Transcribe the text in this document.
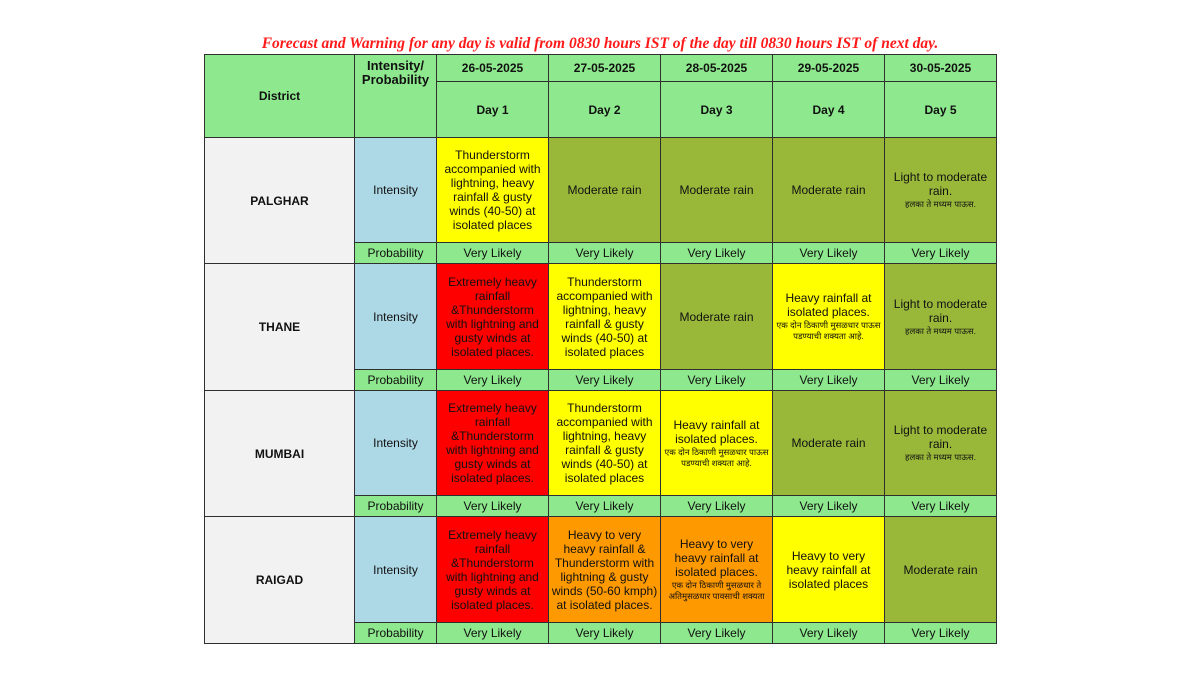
Forecast and Warning for any day is valid from 0830 hours IST of the day till 0830 hours IST of next day.
District	Intensity/ Probability	26-05-2025	27-05-2025	28-05-2025	29-05-2025	30-05-2025
		Day 1	Day 2	Day 3	Day 4	Day 5
PALGHAR	Intensity	Thunderstorm accompanied with lightning, heavy rainfall & gusty winds (40-50) at isolated places	Moderate rain	Moderate rain	Moderate rain	Light to moderate rain.
हलका ते मध्यम पाऊस.

	Probability	Very Likely	Very Likely	Very Likely	Very Likely	Very Likely
THANE	Intensity	Extremely heavy rainfall &Thunderstorm with lightning and gusty winds at isolated places.	Thunderstorm accompanied with lightning, heavy rainfall & gusty winds (40-50) at isolated places	Moderate rain	Heavy rainfall at isolated places.
एक दोन ठिकाणी मुसळधार पाऊस पडण्याची शक्यता आहे.	Light to moderate rain.
हलका ते मध्यम पाऊस.

	Probability	Very Likely	Very Likely	Very Likely	Very Likely	Very Likely
MUMBAI	Intensity	Extremely heavy rainfall &Thunderstorm with lightning and gusty winds at isolated places.	Thunderstorm accompanied with lightning, heavy rainfall & gusty winds (40-50) at isolated places	Heavy rainfall at isolated places.
एक दोन ठिकाणी मुसळधार पाऊस पडण्याची शक्यता आहे.	Moderate rain	Light to moderate rain.
हलका ते मध्यम पाऊस.

	Probability	Very Likely	Very Likely	Very Likely	Very Likely	Very Likely
RAIGAD	Intensity	Extremely heavy rainfall &Thunderstorm with lightning and gusty winds at isolated places.	Heavy to very heavy rainfall & Thunderstorm with lightning & gusty winds (50-60 kmph) at isolated places.	Heavy to very heavy rainfall at isolated places.
एक दोन ठिकाणी मुसळधार ते अतिमुसळधार पावसाची शक्यता	Heavy to very heavy rainfall at isolated places	Moderate rain
	Probability	Very Likely	Very Likely	Very Likely	Very Likely	Very Likely
